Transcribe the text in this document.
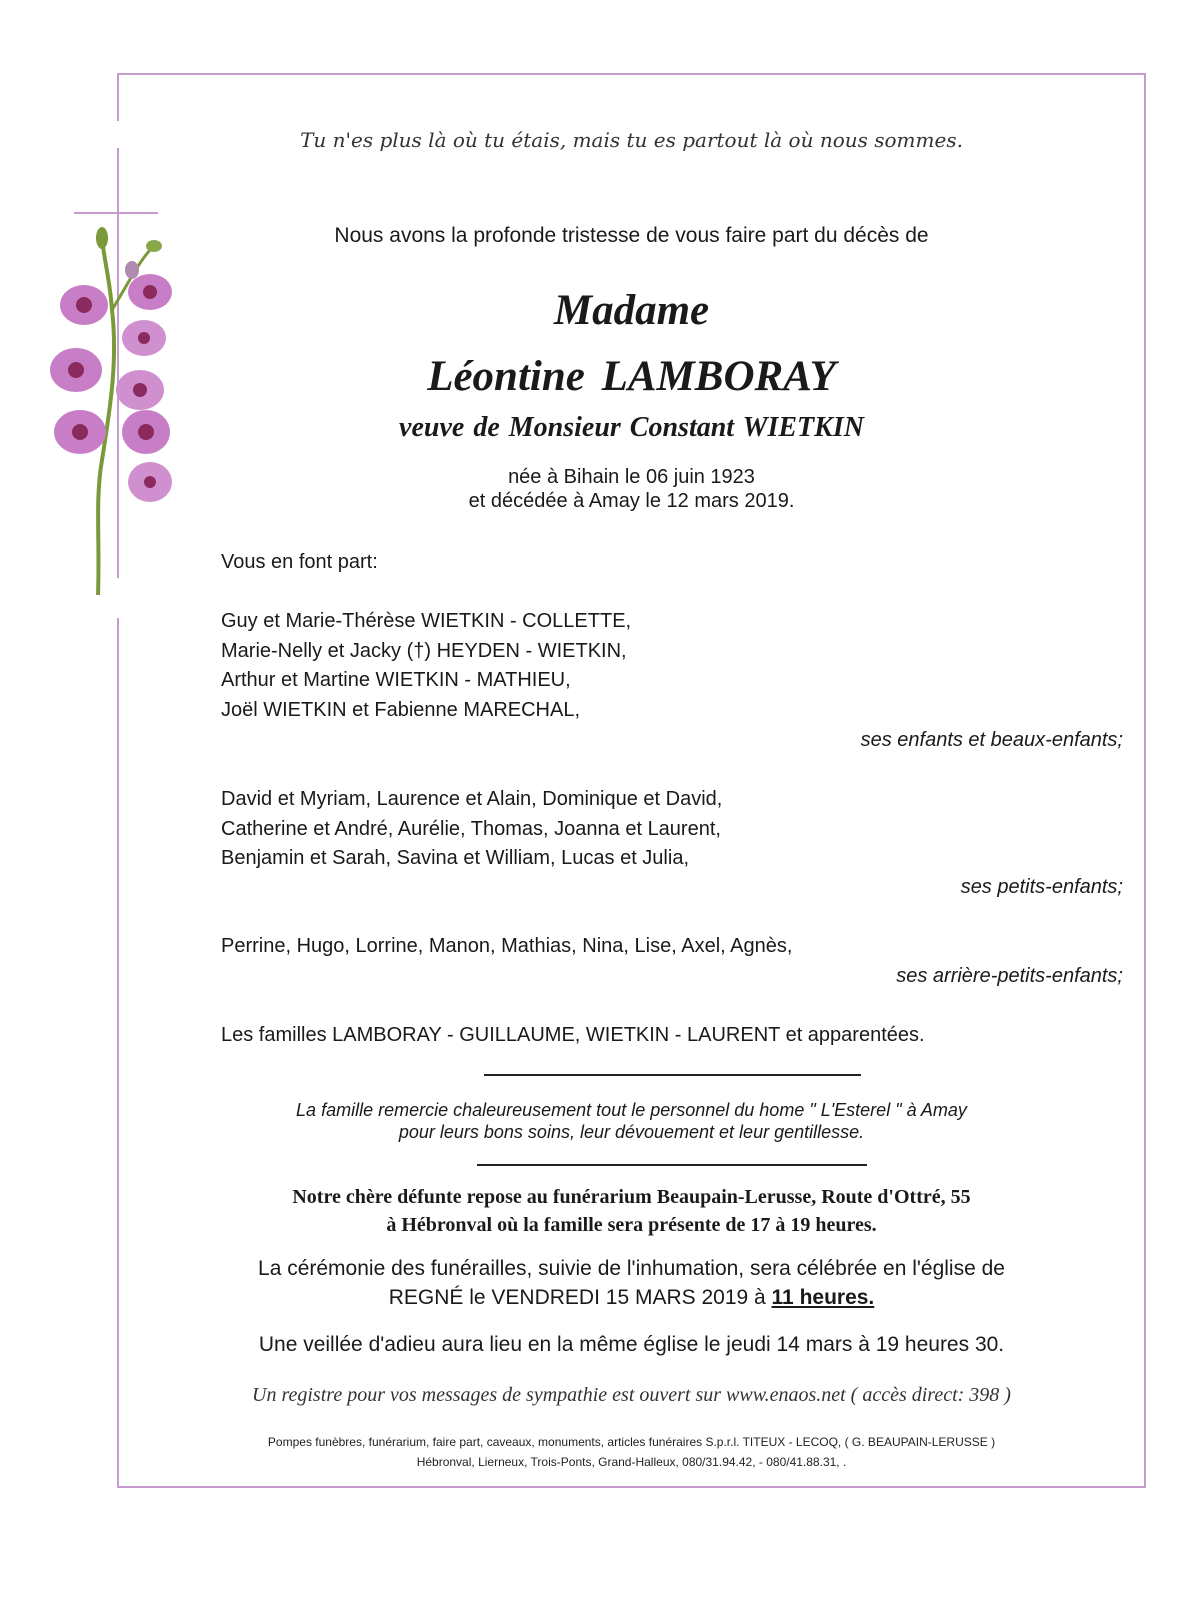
Tu n'es plus là où tu étais, mais tu es partout là où nous sommes.
Nous avons la profonde tristesse de vous faire part du décès de
Madame
Léontine LAMBORAY
veuve de Monsieur Constant WIETKIN
née à Bihain le 06 juin 1923
et décédée à Amay le 12 mars 2019.
Vous en font part:
Guy et Marie-Thérèse WIETKIN - COLLETTE,
Marie-Nelly et Jacky (†) HEYDEN - WIETKIN,
Arthur et Martine WIETKIN - MATHIEU,
Joël WIETKIN et Fabienne MARECHAL,
ses enfants et beaux-enfants;
David et Myriam, Laurence et Alain, Dominique et David,
Catherine et André, Aurélie, Thomas, Joanna et Laurent,
Benjamin et Sarah, Savina et William, Lucas et Julia,
ses petits-enfants;
Perrine, Hugo, Lorrine, Manon, Mathias, Nina, Lise, Axel, Agnès,
ses arrière-petits-enfants;
Les familles LAMBORAY - GUILLAUME, WIETKIN - LAURENT et apparentées.
La famille remercie chaleureusement tout le personnel du home " L'Esterel " à Amay
pour leurs bons soins, leur dévouement et leur gentillesse.
Notre chère défunte repose au funérarium Beaupain-Lerusse, Route d'Ottré, 55
à Hébronval où la famille sera présente de 17 à 19 heures.
La cérémonie des funérailles, suivie de l'inhumation, sera célébrée en l'église de
REGNÉ le VENDREDI 15 MARS 2019 à 11 heures.
Une veillée d'adieu aura lieu en la même église le jeudi 14 mars à 19 heures 30.
Un registre pour vos messages de sympathie est ouvert sur www.enaos.net ( accès direct: 398 )
Pompes funèbres, funérarium, faire part, caveaux, monuments, articles funéraires S.p.r.l. TITEUX - LECOQ, ( G. BEAUPAIN-LERUSSE )
Hébronval, Lierneux, Trois-Ponts, Grand-Halleux, 080/31.94.42, - 080/41.88.31, .
